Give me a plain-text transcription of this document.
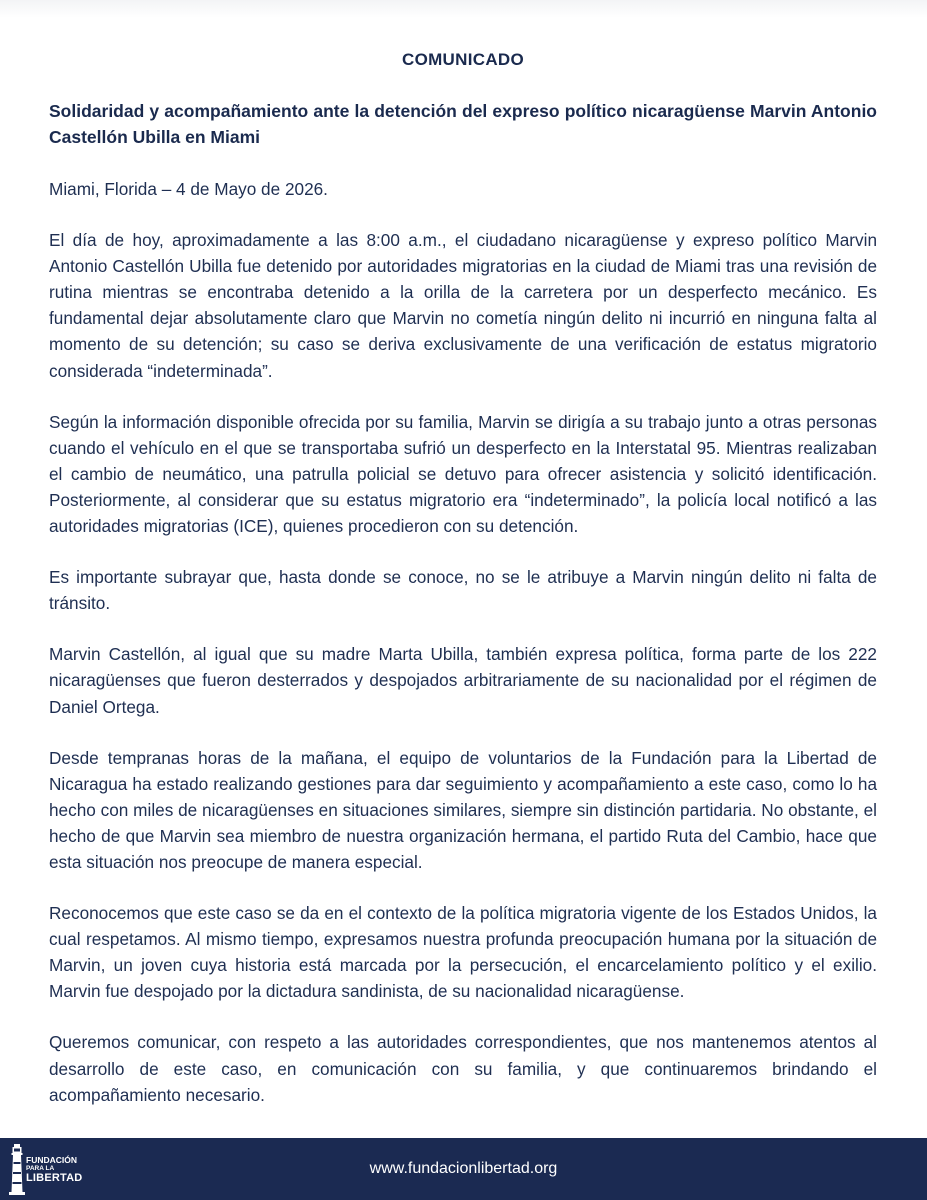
COMUNICADO
Solidaridad y acompañamiento ante la detención del expreso político nicaragüense Marvin Antonio Castellón Ubilla en Miami

Miami, Florida – 4 de Mayo de 2026.

El día de hoy, aproximadamente a las 8:00 a.m., el ciudadano nicaragüense y expreso político Marvin Antonio Castellón Ubilla fue detenido por autoridades migratorias en la ciudad de Miami tras una revisión de rutina mientras se encontraba detenido a la orilla de la carretera por un desperfecto mecánico. Es fundamental dejar absolutamente claro que Marvin no cometía ningún delito ni incurrió en ninguna falta al momento de su detención; su caso se deriva exclusivamente de una verificación de estatus migratorio considerada “indeterminada”.

Según la información disponible ofrecida por su familia, Marvin se dirigía a su trabajo junto a otras personas cuando el vehículo en el que se transportaba sufrió un desperfecto en la Interstatal 95. Mientras realizaban el cambio de neumático, una patrulla policial se detuvo para ofrecer asistencia y solicitó identificación. Posteriormente, al considerar que su estatus migratorio era “indeterminado”, la policía local notificó a las autoridades migratorias (ICE), quienes procedieron con su detención.

Es importante subrayar que, hasta donde se conoce, no se le atribuye a Marvin ningún delito ni falta de tránsito.

Marvin Castellón, al igual que su madre Marta Ubilla, también expresa política, forma parte de los 222 nicaragüenses que fueron desterrados y despojados arbitrariamente de su nacionalidad por el régimen de Daniel Ortega.

Desde tempranas horas de la mañana, el equipo de voluntarios de la Fundación para la Libertad de Nicaragua ha estado realizando gestiones para dar seguimiento y acompañamiento a este caso, como lo ha hecho con miles de nicaragüenses en situaciones similares, siempre sin distinción partidaria. No obstante, el hecho de que Marvin sea miembro de nuestra organización hermana, el partido Ruta del Cambio, hace que esta situación nos preocupe de manera especial.

Reconocemos que este caso se da en el contexto de la política migratoria vigente de los Estados Unidos, la cual respetamos. Al mismo tiempo, expresamos nuestra profunda preocupación humana por la situación de Marvin, un joven cuya historia está marcada por la persecución, el encarcelamiento político y el exilio. Marvin fue despojado por la dictadura sandinista, de su nacionalidad nicaragüense.

Queremos comunicar, con respeto a las autoridades correspondientes, que nos mantenemos atentos al desarrollo de este caso, en comunicación con su familia, y que continuaremos brindando el acompañamiento necesario.

FUNDACIÓN
PARA LA
LIBERTAD
www.fundacionlibertad.org
